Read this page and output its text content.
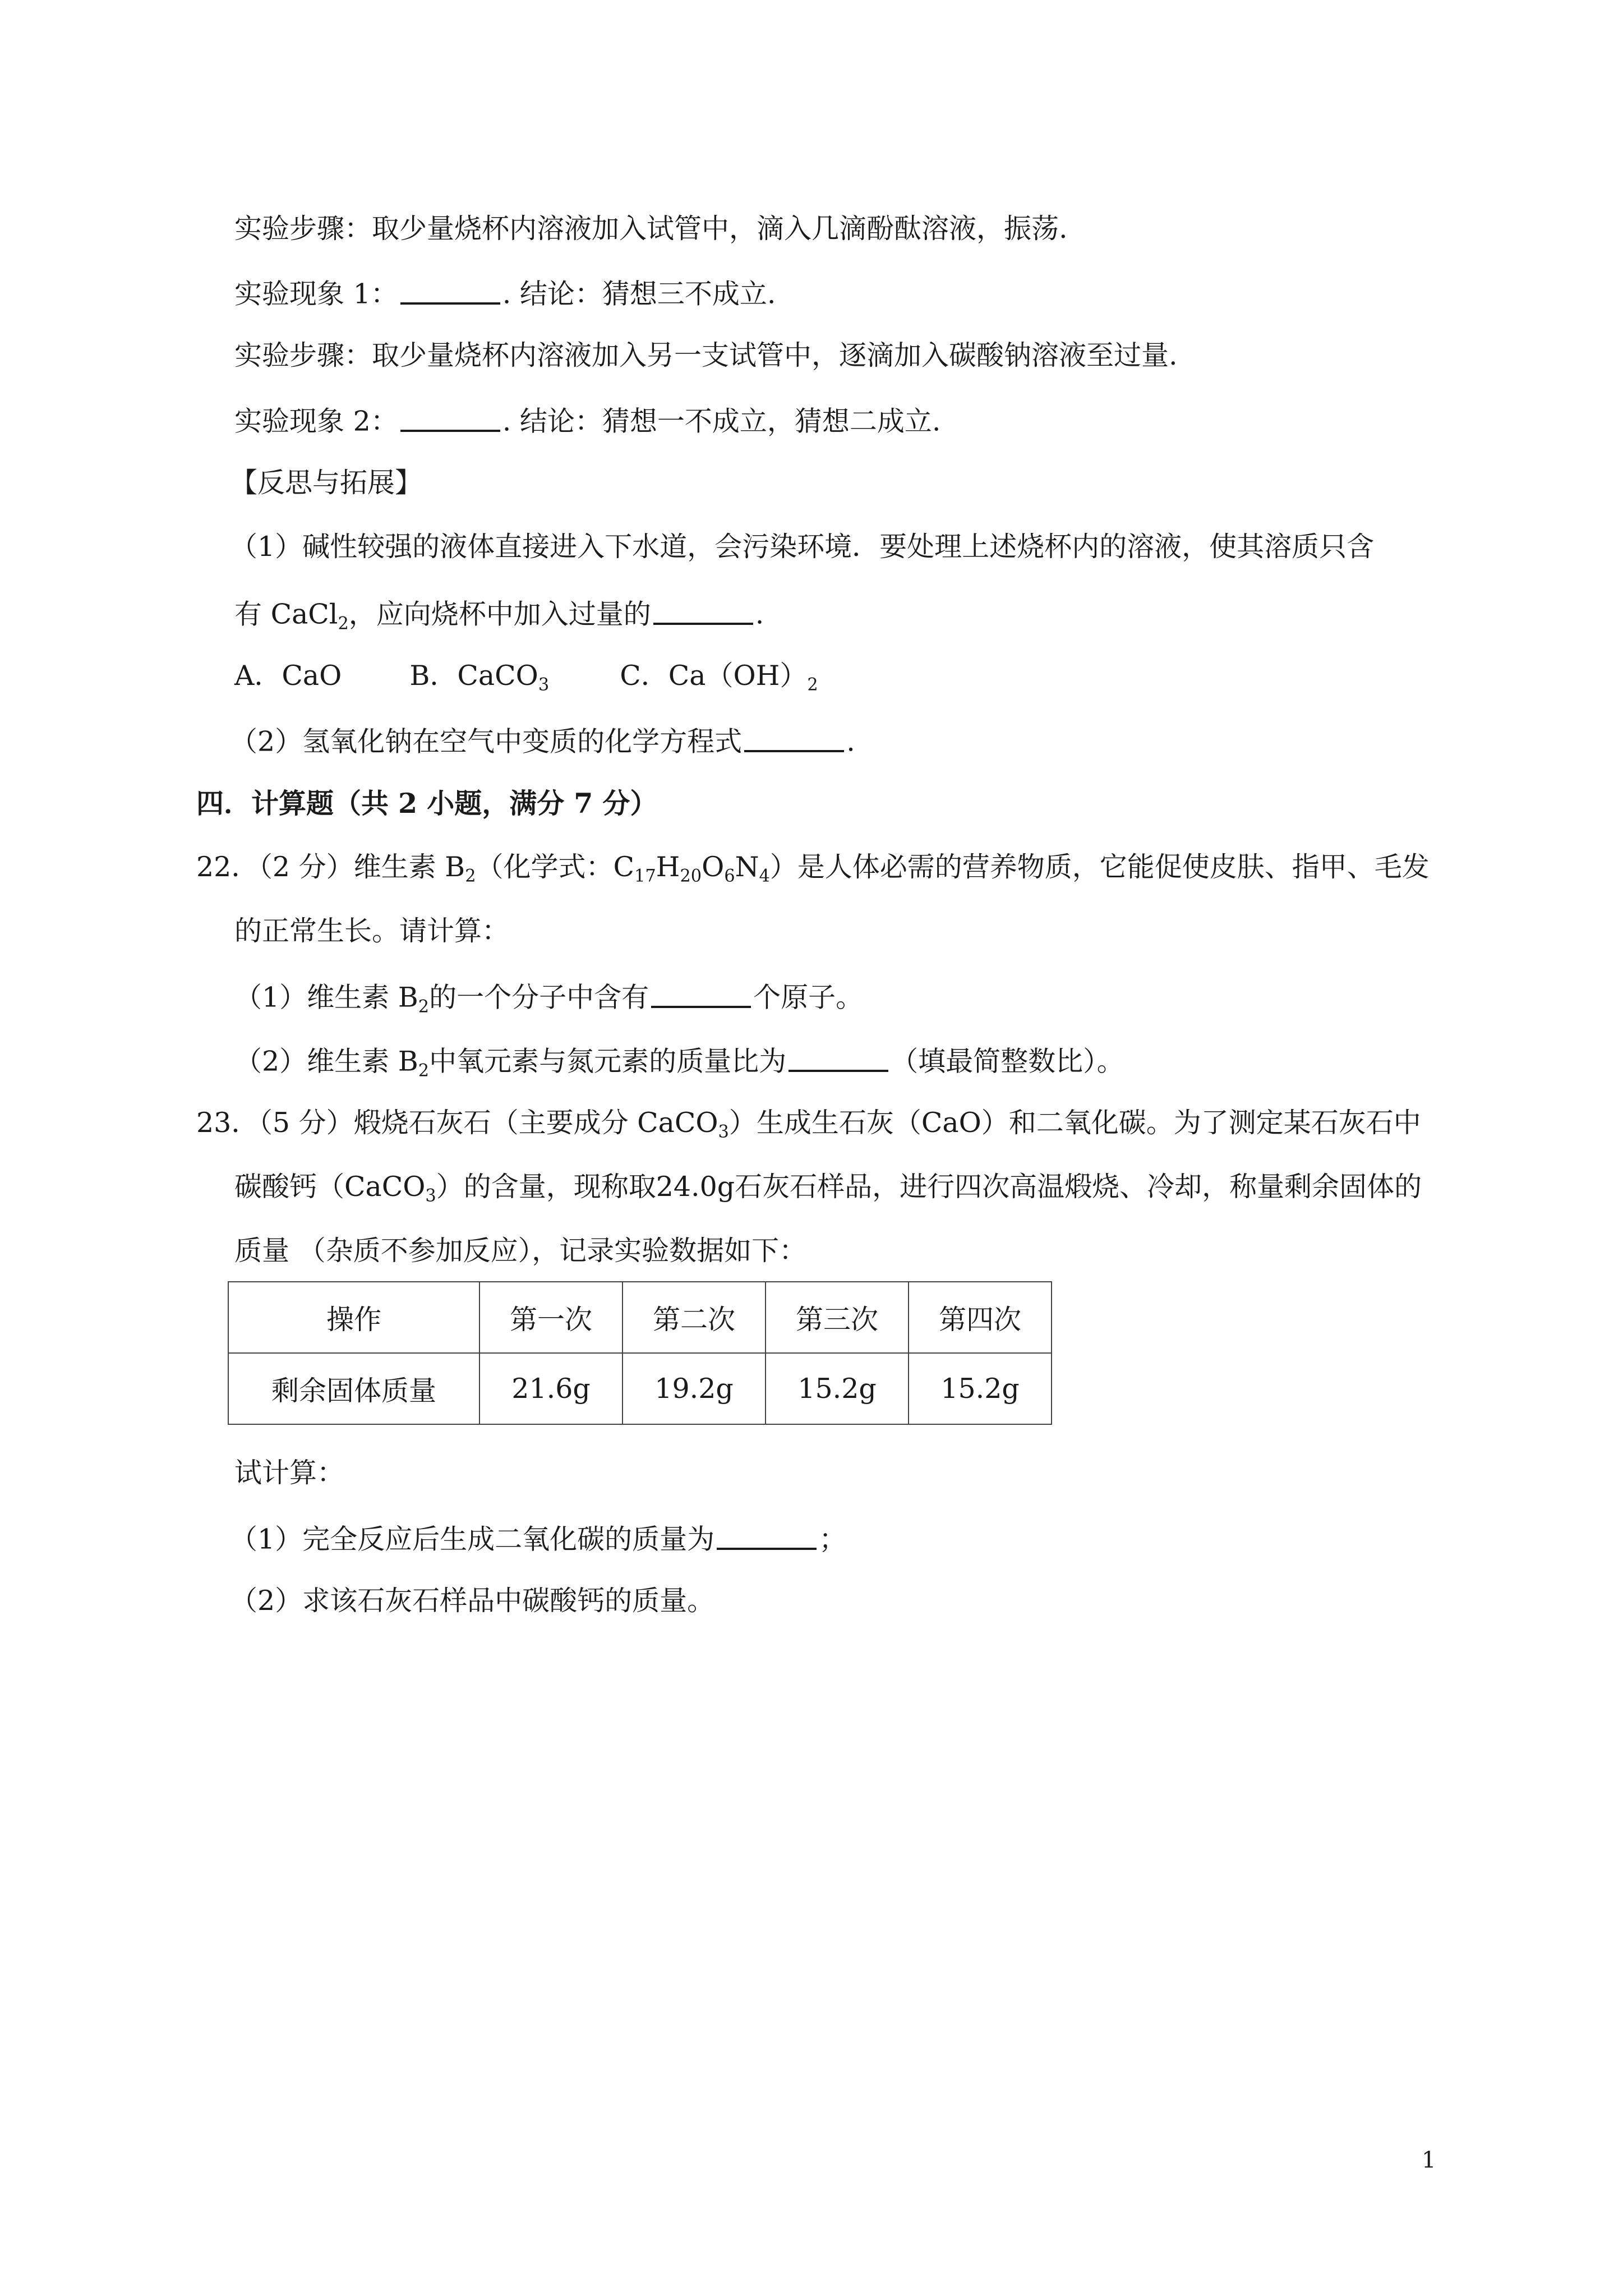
实验步骤：取少量烧杯内溶液加入试管中，滴入几滴酚酞溶液，振荡.
实验现象 1：	. 结论：猜想三不成立.
实验步骤：取少量烧杯内溶液加入另一支试管中，逐滴加入碳酸钠溶液至过量.
实验现象 2：	. 结论：猜想一不成立，猜想二成立.
【反思与拓展】
（1）碱性较强的液体直接进入下水道，会污染环境．要处理上述烧杯内的溶液，使其溶质只含
有 CaCl$_2$，应向烧杯中加入过量的	.
A．CaO B．CaCO$_3$	C．$Ca(OH)_2$
（2）氢氧化钠在空气中变质的化学方程式	.
四．计算题（共 2 小题，满分 7 分）
22．（2 分）维生素 $B_2$（化学式：$C_{17}H_{20}O_6N_4$）是人体必需的营养物质，它能促使皮肤、指甲、毛发
的正常生长。请计算：
（1）维生素 $B_2$的一个分子中含有	个原子。
（2）维生素 $B_2$中氧元素与氮元素的质量比为	（填最简整数比）。
23．（5 分）煅烧石灰石（主要成分 CaCO$_3$）生成生石灰（CaO）和二氧化碳。为了测定某石灰石中
碳酸钙（CaCO$_3$）的含量，现称取24.0g石灰石样品，进行四次高温煅烧、冷却，称量剩余固体的
质量 （杂质不参加反应），记录实验数据如下：
操作	第一次	第二次	第三次	第四次
剩余固体质量	21.6g	19.2g	15.2g	15.2g
试计算：
（1）完全反应后生成二氧化碳的质量为	；
（2）求该石灰石样品中碳酸钙的质量。
1
